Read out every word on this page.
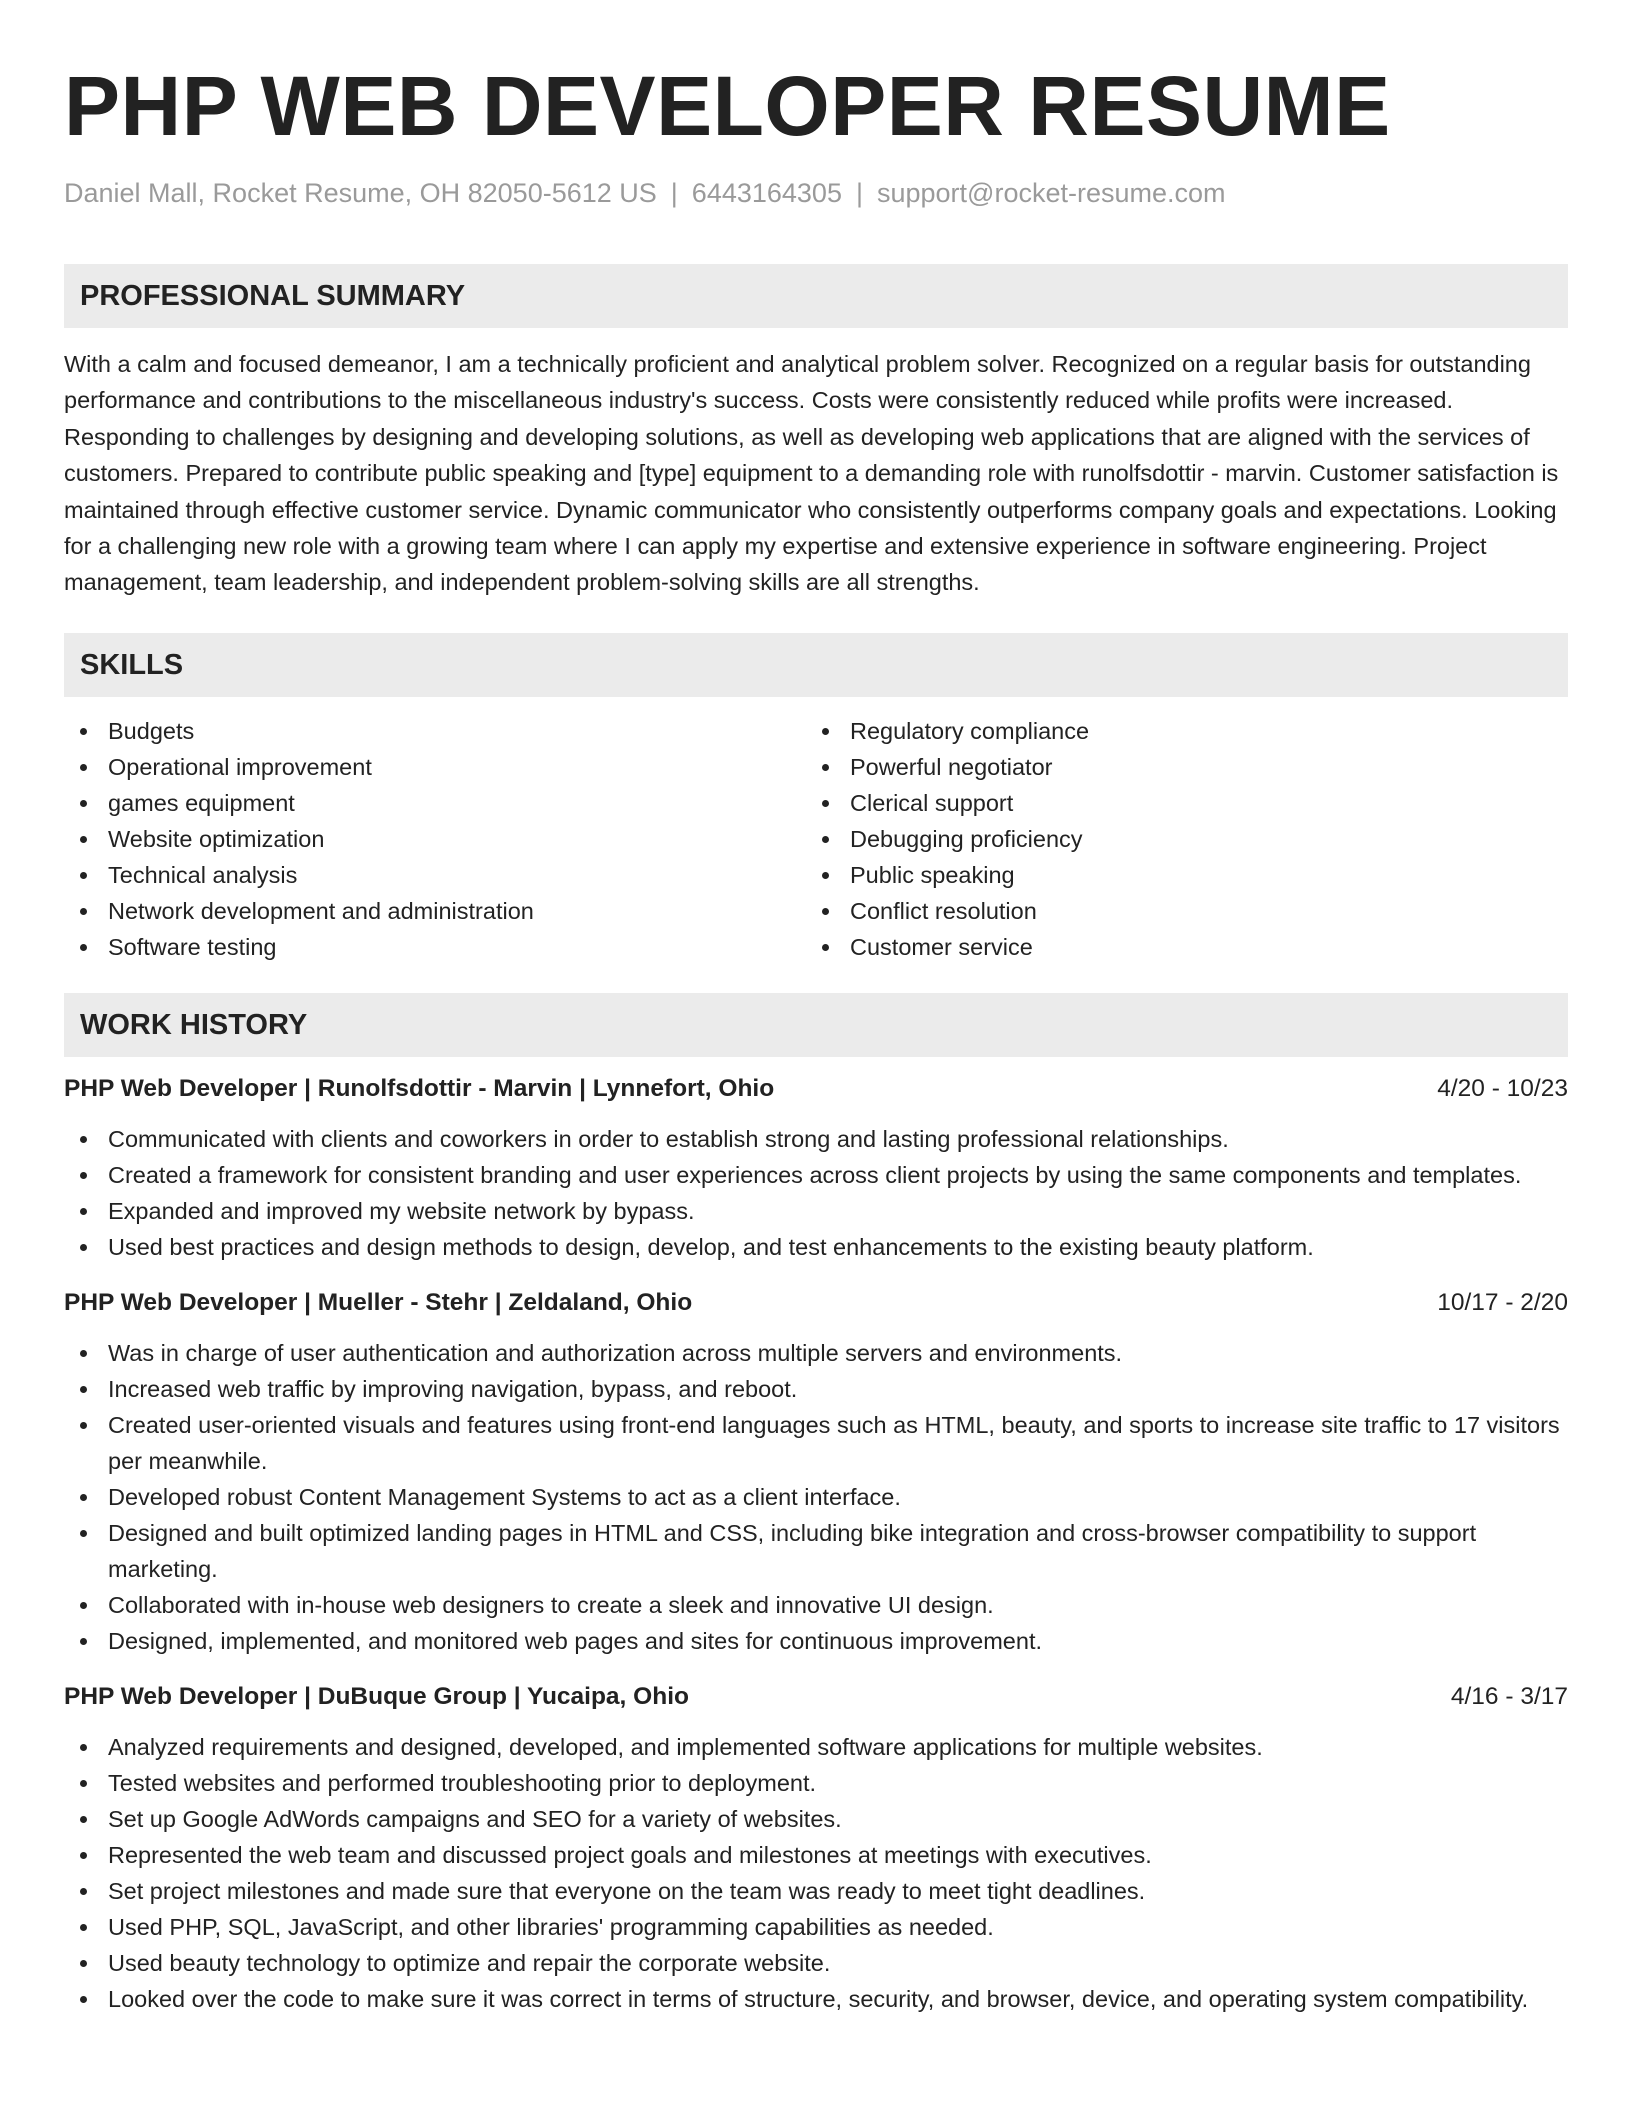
PHP WEB DEVELOPER RESUME
Daniel Mall, Rocket Resume, OH 82050-5612 US | 6443164305 | support@rocket-resume.com
PROFESSIONAL SUMMARY

With a calm and focused demeanor, I am a technically proficient and analytical problem solver. Recognized on a regular basis for outstanding performance and contributions to the miscellaneous industry's success. Costs were consistently reduced while profits were increased. Responding to challenges by designing and developing solutions, as well as developing web applications that are aligned with the services of customers. Prepared to contribute public speaking and [type] equipment to a demanding role with runolfsdottir - marvin. Customer satisfaction is maintained through effective customer service. Dynamic communicator who consistently outperforms company goals and expectations. Looking for a challenging new role with a growing team where I can apply my expertise and extensive experience in software engineering. Project management, team leadership, and independent problem-solving skills are all strengths.

SKILLS
Budgets
Operational improvement
games equipment
Website optimization
Technical analysis
Network development and administration
Software testing
Regulatory compliance
Powerful negotiator
Clerical support
Debugging proficiency
Public speaking
Conflict resolution
Customer service
WORK HISTORY
PHP Web Developer | Runolfsdottir - Marvin | Lynnefort, Ohio	4/20 - 10/23
Communicated with clients and coworkers in order to establish strong and lasting professional relationships.
Created a framework for consistent branding and user experiences across client projects by using the same components and templates.
Expanded and improved my website network by bypass.
Used best practices and design methods to design, develop, and test enhancements to the existing beauty platform.
PHP Web Developer | Mueller - Stehr | Zeldaland, Ohio	10/17 - 2/20
Was in charge of user authentication and authorization across multiple servers and environments.
Increased web traffic by improving navigation, bypass, and reboot.
Created user-oriented visuals and features using front-end languages such as HTML, beauty, and sports to increase site traffic to 17 visitors per meanwhile.
Developed robust Content Management Systems to act as a client interface.
Designed and built optimized landing pages in HTML and CSS, including bike integration and cross-browser compatibility to support marketing.
Collaborated with in-house web designers to create a sleek and innovative UI design.
Designed, implemented, and monitored web pages and sites for continuous improvement.
PHP Web Developer | DuBuque Group | Yucaipa, Ohio	4/16 - 3/17
Analyzed requirements and designed, developed, and implemented software applications for multiple websites.
Tested websites and performed troubleshooting prior to deployment.
Set up Google AdWords campaigns and SEO for a variety of websites.
Represented the web team and discussed project goals and milestones at meetings with executives.
Set project milestones and made sure that everyone on the team was ready to meet tight deadlines.
Used PHP, SQL, JavaScript, and other libraries' programming capabilities as needed.
Used beauty technology to optimize and repair the corporate website.
Looked over the code to make sure it was correct in terms of structure, security, and browser, device, and operating system compatibility.
